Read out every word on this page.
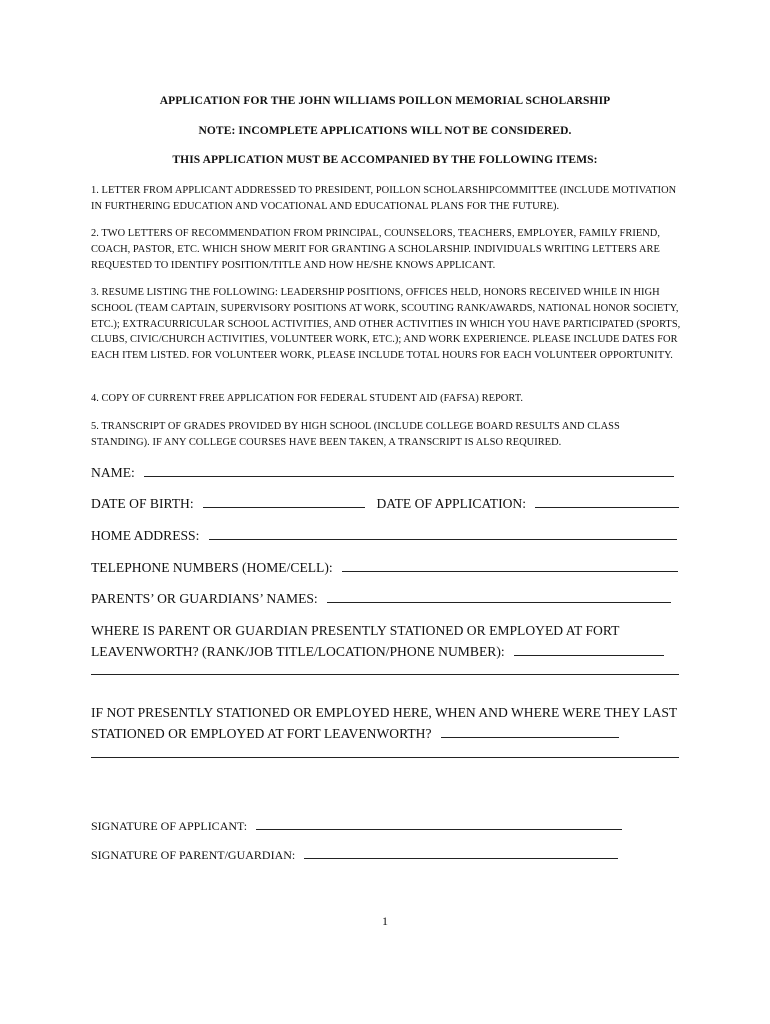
APPLICATION FOR THE JOHN WILLIAMS POILLON MEMORIAL SCHOLARSHIP
NOTE: INCOMPLETE APPLICATIONS WILL NOT BE CONSIDERED.
THIS APPLICATION MUST BE ACCOMPANIED BY THE FOLLOWING ITEMS:
1. LETTER FROM APPLICANT ADDRESSED TO PRESIDENT, POILLON SCHOLARSHIPCOMMITTEE (INCLUDE MOTIVATION IN FURTHERING EDUCATION AND VOCATIONAL AND EDUCATIONAL PLANS FOR THE FUTURE).
2. TWO LETTERS OF RECOMMENDATION FROM PRINCIPAL, COUNSELORS, TEACHERS, EMPLOYER, FAMILY FRIEND, COACH, PASTOR, ETC. WHICH SHOW MERIT FOR GRANTING A SCHOLARSHIP. INDIVIDUALS WRITING LETTERS ARE REQUESTED TO IDENTIFY POSITION/TITLE AND HOW HE/SHE KNOWS APPLICANT.
3. RESUME LISTING THE FOLLOWING: LEADERSHIP POSITIONS, OFFICES HELD, HONORS RECEIVED WHILE IN HIGH SCHOOL (TEAM CAPTAIN, SUPERVISORY POSITIONS AT WORK, SCOUTING RANK/AWARDS, NATIONAL HONOR SOCIETY, ETC.); EXTRACURRICULAR SCHOOL ACTIVITIES, AND OTHER ACTIVITIES IN WHICH YOU HAVE PARTICIPATED (SPORTS, CLUBS, CIVIC/CHURCH ACTIVITIES, VOLUNTEER WORK, ETC.); AND WORK EXPERIENCE. PLEASE INCLUDE DATES FOR EACH ITEM LISTED. FOR VOLUNTEER WORK, PLEASE INCLUDE TOTAL HOURS FOR EACH VOLUNTEER OPPORTUNITY.
4. COPY OF CURRENT FREE APPLICATION FOR FEDERAL STUDENT AID (FAFSA) REPORT.
5. TRANSCRIPT OF GRADES PROVIDED BY HIGH SCHOOL (INCLUDE COLLEGE BOARD RESULTS AND CLASS STANDING). IF ANY COLLEGE COURSES HAVE BEEN TAKEN, A TRANSCRIPT IS ALSO REQUIRED.
NAME:
DATE OF BIRTH:	DATE OF APPLICATION:
HOME ADDRESS:
TELEPHONE NUMBERS (HOME/CELL):
PARENTS’ OR GUARDIANS’ NAMES:
WHERE IS PARENT OR GUARDIAN PRESENTLY STATIONED OR EMPLOYED AT FORT LEAVENWORTH? (RANK/JOB TITLE/LOCATION/PHONE NUMBER):
IF NOT PRESENTLY STATIONED OR EMPLOYED HERE, WHEN AND WHERE WERE THEY LAST STATIONED OR EMPLOYED AT FORT LEAVENWORTH?
SIGNATURE OF APPLICANT:
SIGNATURE OF PARENT/GUARDIAN:
1
